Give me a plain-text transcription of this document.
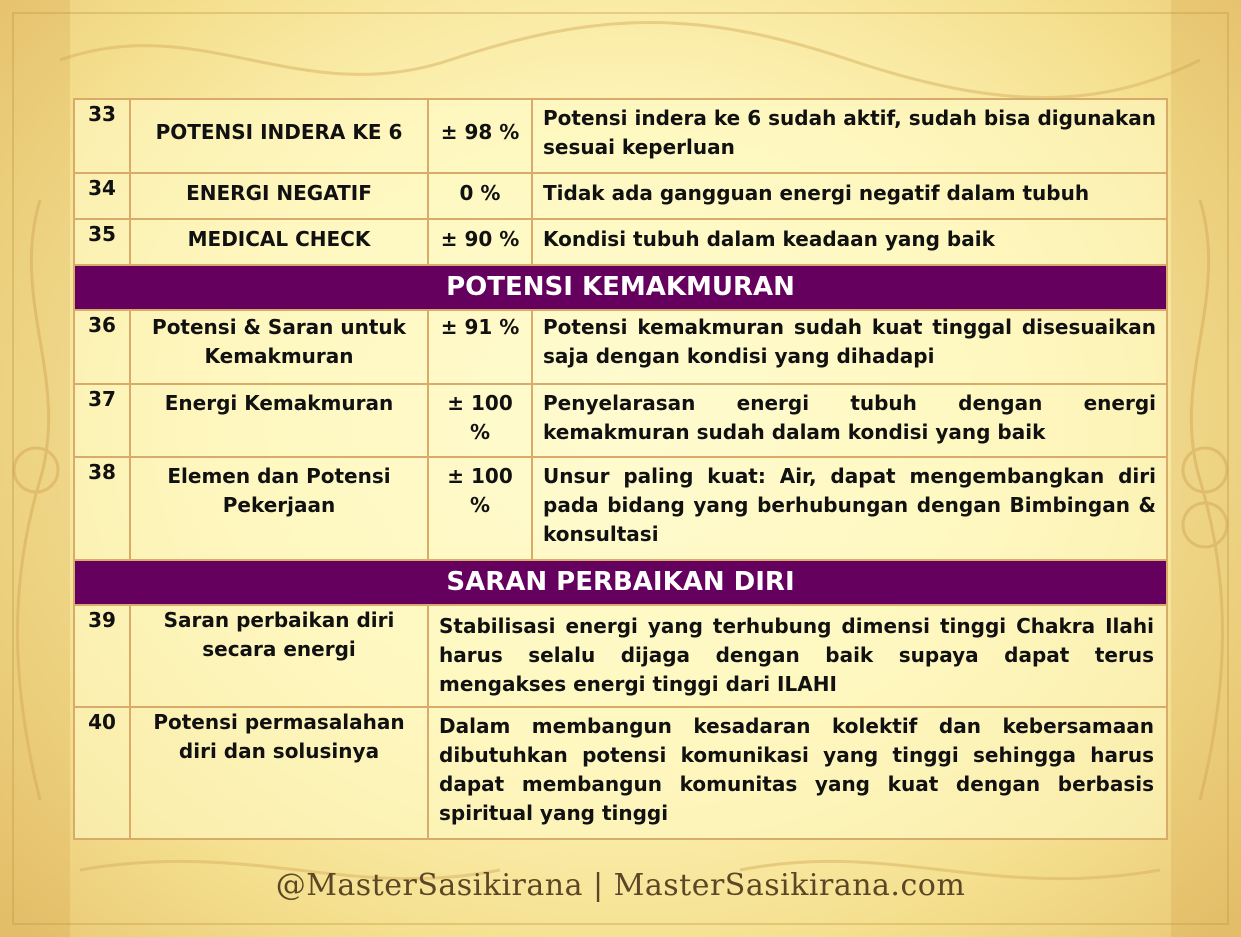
33	POTENSI INDERA KE 6	± 98 %	Potensi indera ke 6 sudah aktif, sudah bisa digunakan sesuai keperluan
34	ENERGI NEGATIF	0 %	Tidak ada gangguan energi negatif dalam tubuh
35	MEDICAL CHECK	± 90 %	Kondisi tubuh dalam keadaan yang baik
POTENSI KEMAKMURAN			
36	Potensi & Saran untuk Kemakmuran	± 91 %	Potensi kemakmuran sudah kuat tinggal disesuaikan saja dengan kondisi yang dihadapi
37	Energi Kemakmuran	± 100 %	Penyelarasan energi tubuh dengan energi kemakmuran sudah dalam kondisi yang baik
38	Elemen dan Potensi Pekerjaan	± 100 %	Unsur paling kuat: Air, dapat mengembangkan diri pada bidang yang berhubungan dengan Bimbingan & konsultasi
SARAN PERBAIKAN DIRI			
39	Saran perbaikan diri secara energi	Stabilisasi energi yang terhubung dimensi tinggi Chakra Ilahi harus selalu dijaga dengan baik supaya dapat terus mengakses energi tinggi dari ILAHI	
40	Potensi permasalahan diri dan solusinya	Dalam membangun kesadaran kolektif dan kebersamaan dibutuhkan potensi komunikasi yang tinggi sehingga harus dapat membangun komunitas yang kuat dengan berbasis spiritual yang tinggi	
@MasterSasikirana | MasterSasikirana.com
